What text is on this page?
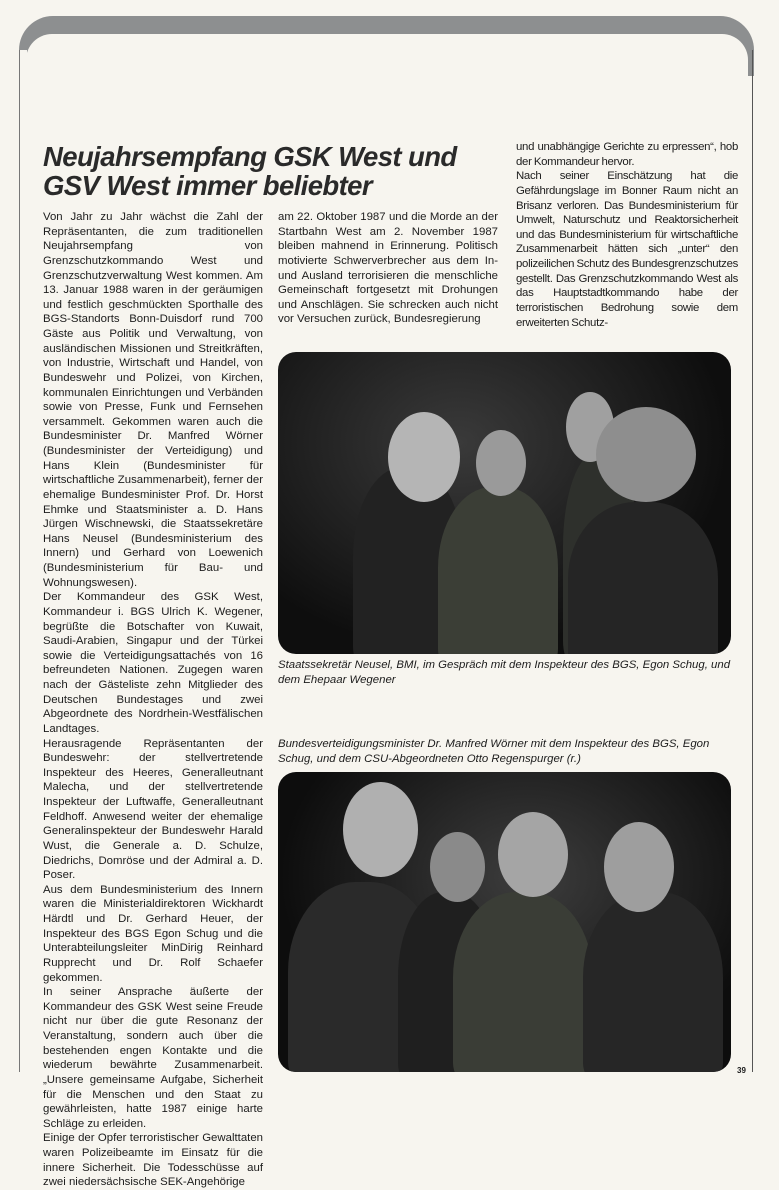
Neujahrsempfang GSK West und GSV West immer beliebter

Von Jahr zu Jahr wächst die Zahl der Repräsentanten, die zum traditionellen Neujahrsempfang von Grenzschutzkommando West und Grenzschutzverwaltung West kommen. Am 13. Januar 1988 waren in der geräumigen und festlich geschmückten Sporthalle des BGS-Standorts Bonn-Duisdorf rund 700 Gäste aus Politik und Verwaltung, von ausländischen Missionen und Streitkräften, von Industrie, Wirtschaft und Handel, von Bundeswehr und Polizei, von Kirchen, kommunalen Einrichtungen und Verbänden sowie von Presse, Funk und Fernsehen versammelt. Gekommen waren auch die Bundesminister Dr. Manfred Wörner (Bundesminister der Verteidigung) und Hans Klein (Bundesminister für wirtschaftliche Zusammenarbeit), ferner der ehemalige Bundesminister Prof. Dr. Horst Ehmke und Staatsminister a. D. Hans Jürgen Wischnewski, die Staatssekretäre Hans Neusel (Bundesministerium des Innern) und Gerhard von Loewenich (Bundesministerium für Bau- und Wohnungswesen).

Der Kommandeur des GSK West, Kommandeur i. BGS Ulrich K. Wegener, begrüßte die Botschafter von Kuwait, Saudi-Arabien, Singapur und der Türkei sowie die Verteidigungsattachés von 16 befreundeten Nationen. Zugegen waren nach der Gästeliste zehn Mitglieder des Deutschen Bundestages und zwei Abgeordnete des Nordrhein-Westfälischen Landtages.

Herausragende Repräsentanten der Bundeswehr: der stellvertretende Inspekteur des Heeres, Generalleutnant Malecha, und der stellvertretende Inspekteur der Luftwaffe, Generalleutnant Feldhoff. Anwesend weiter der ehemalige Generalinspekteur der Bundeswehr Harald Wust, die Generale a. D. Schulze, Diedrichs, Domröse und der Admiral a. D. Poser.

Aus dem Bundesministerium des Innern waren die Ministerialdirektoren Wickhardt Härdtl und Dr. Gerhard Heuer, der Inspekteur des BGS Egon Schug und die Unterabteilungsleiter MinDirig Reinhard Rupprecht und Dr. Rolf Schaefer gekommen.

In seiner Ansprache äußerte der Kommandeur des GSK West seine Freude nicht nur über die gute Resonanz der Veranstaltung, sondern auch über die bestehenden engen Kontakte und die wiederum bewährte Zusammenarbeit. „Unsere gemeinsame Aufgabe, Sicherheit für die Menschen und den Staat zu gewährleisten, hatte 1987 einige harte Schläge zu erleiden.

Einige der Opfer terroristischer Gewalttaten waren Polizeibeamte im Einsatz für die innere Sicherheit. Die Todesschüsse auf zwei niedersächsische SEK-Angehörige

am 22. Oktober 1987 und die Morde an der Startbahn West am 2. November 1987 bleiben mahnend in Erinnerung. Politisch motivierte Schwerverbrecher aus dem In- und Ausland terrorisieren die menschliche Gemeinschaft fortgesetzt mit Drohungen und Anschlägen. Sie schrecken auch nicht vor Versuchen zurück, Bundesregierung

und unabhängige Gerichte zu erpressen“, hob der Kommandeur hervor.

Nach seiner Einschätzung hat die Gefährdungslage im Bonner Raum nicht an Brisanz verloren. Das Bundesministerium für Umwelt, Naturschutz und Reaktorsicherheit und das Bundesministerium für wirtschaftliche Zusammenarbeit hätten sich „unter“ den polizeilichen Schutz des Bundesgrenzschutzes gestellt. Das Grenzschutzkommando West als das Hauptstadtkommando habe der terroristischen Bedrohung sowie dem erweiterten Schutz-

Staatssekretär Neusel, BMI, im Gespräch mit dem Inspekteur des BGS, Egon Schug, und dem Ehepaar Wegener

Bundesverteidigungsminister Dr. Manfred Wörner mit dem Inspekteur des BGS, Egon Schug, und dem CSU-Abgeordneten Otto Regenspurger (r.)

39
